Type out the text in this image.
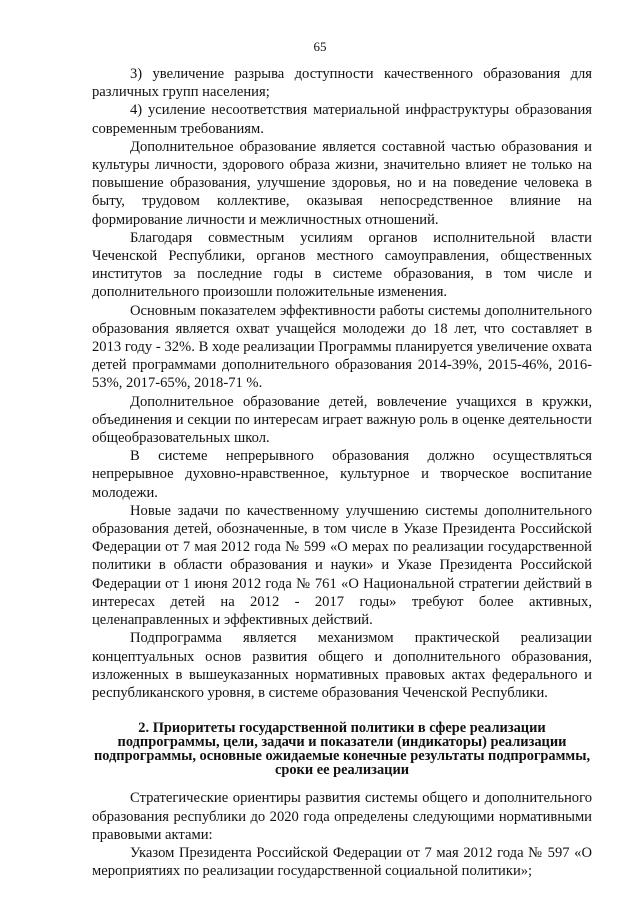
65

3) увеличение разрыва доступности качественного образования для различных групп населения;

4) усиление несоответствия материальной инфраструктуры образования современным требованиям.

Дополнительное образование является составной частью образования и культуры личности, здорового образа жизни, значительно влияет не только на повышение образования, улучшение здоровья, но и на поведение человека в быту, трудовом коллективе, оказывая непосредственное влияние на формирование личности и межличностных отношений.

Благодаря совместным усилиям органов исполнительной власти Чеченской Республики, органов местного самоуправления, общественных институтов за последние годы в системе образования, в том числе и дополнительного произошли положительные изменения.

Основным показателем эффективности работы системы дополнительного образования является охват учащейся молодежи до 18 лет, что составляет в 2013 году - 32%. В ходе реализации Программы планируется увеличение охвата детей программами дополнительного образования 2014-39%, 2015-46%, 2016-53%, 2017-65%, 2018-71 %.

Дополнительное образование детей, вовлечение учащихся в кружки, объединения и секции по интересам играет важную роль в оценке деятельности общеобразовательных школ.

В системе непрерывного образования должно осуществляться непрерывное духовно-нравственное, культурное и творческое воспитание молодежи.

Новые задачи по качественному улучшению системы дополнительного образования детей, обозначенные, в том числе в Указе Президента Российской Федерации от 7 мая 2012 года № 599 «О мерах по реализации государственной политики в области образования и науки» и Указе Президента Российской Федерации от 1 июня 2012 года № 761 «О Национальной стратегии действий в интересах детей на 2012 - 2017 годы» требуют более активных, целенаправленных и эффективных действий.

Подпрограмма является механизмом практической реализации концептуальных основ развития общего и дополнительного образования, изложенных в вышеуказанных нормативных правовых актах федерального и республиканского уровня, в системе образования Чеченской Республики.

2. Приоритеты государственной политики в сфере реализации подпрограммы, цели, задачи и показатели (индикаторы) реализации подпрограммы, основные ожидаемые конечные результаты подпрограммы, сроки ее реализации

Стратегические ориентиры развития системы общего и дополнительного образования республики до 2020 года определены следующими нормативными правовыми актами:

Указом Президента Российской Федерации от 7 мая 2012 года № 597 «О мероприятиях по реализации государственной социальной политики»;
